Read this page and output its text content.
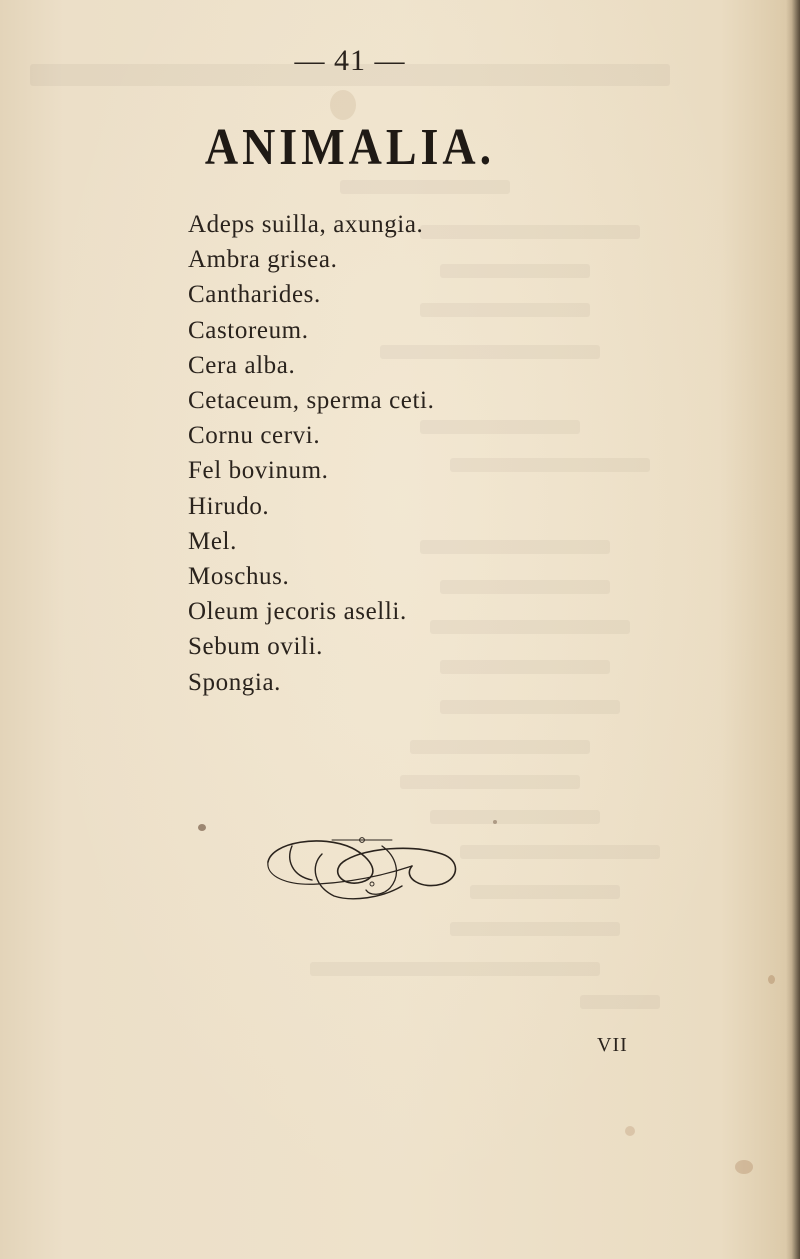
— 41 —
ANIMALIA.
Adeps suilla, axungia.
Ambra grisea.
Cantharides.
Castoreum.
Cera alba.
Cetaceum, sperma ceti.
Cornu cervi.
Fel bovinum.
Hirudo.
Mel.
Moschus.
Oleum jecoris aselli.
Sebum ovili.
Spongia.
VII
